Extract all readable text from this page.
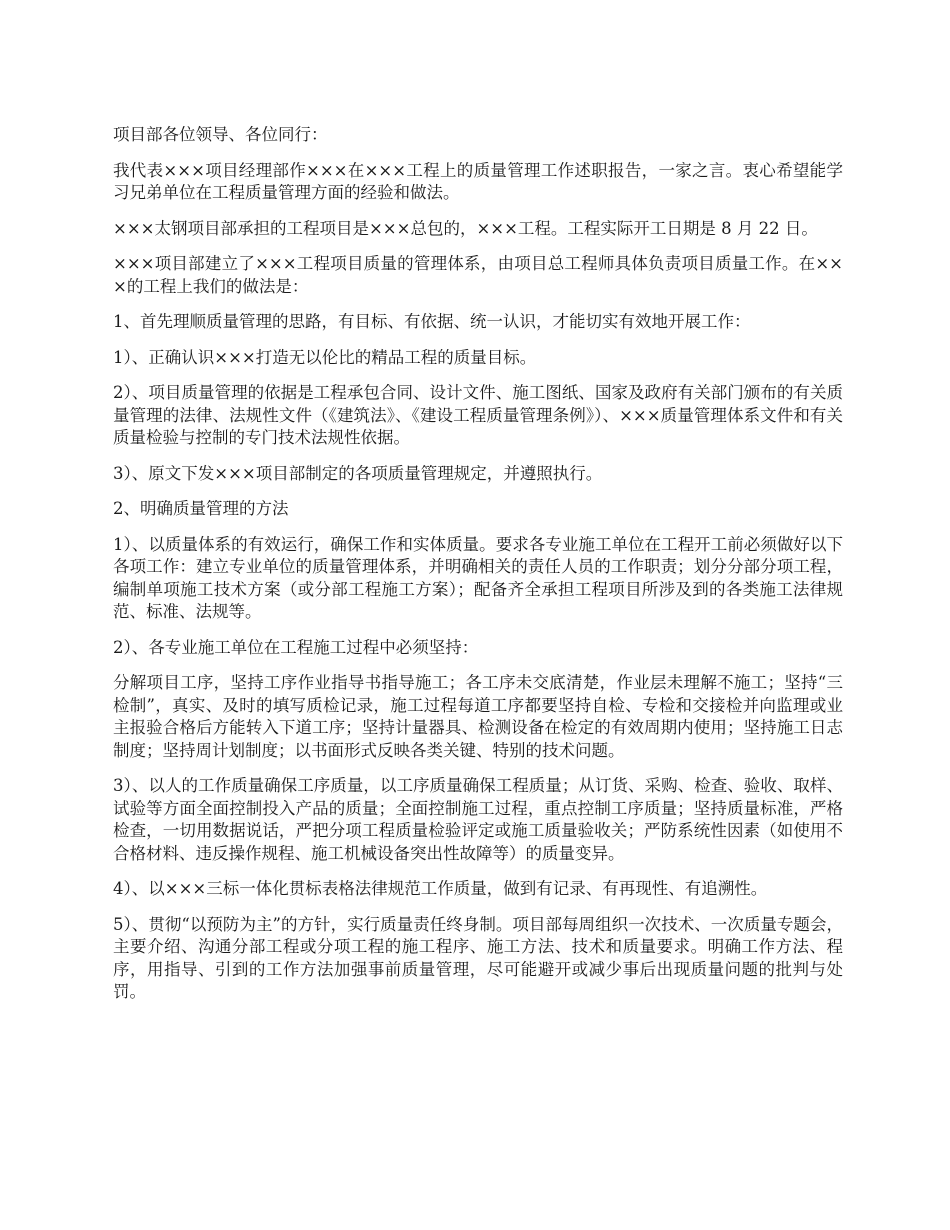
项目部各位领导、各位同行：

我代表×××项目经理部作×××在×××工程上的质量管理工作述职报告，一家之言。衷心希望能学习兄弟单位在工程质量管理方面的经验和做法。

×××太钢项目部承担的工程项目是×××总包的，×××工程。工程实际开工日期是 8 月 22 日。

×××项目部建立了×××工程项目质量的管理体系，由项目总工程师具体负责项目质量工作。在×××的工程上我们的做法是：

1、首先理顺质量管理的思路，有目标、有依据、统一认识，才能切实有效地开展工作：

1）、正确认识×××打造无以伦比的精品工程的质量目标。

2）、项目质量管理的依据是工程承包合同、设计文件、施工图纸、国家及政府有关部门颁布的有关质量管理的法律、法规性文件（《建筑法》、《建设工程质量管理条例》）、×××质量管理体系文件和有关质量检验与控制的专门技术法规性依据。

3）、原文下发×××项目部制定的各项质量管理规定，并遵照执行。

2、明确质量管理的方法

1）、以质量体系的有效运行，确保工作和实体质量。要求各专业施工单位在工程开工前必须做好以下各项工作：建立专业单位的质量管理体系，并明确相关的责任人员的工作职责；划分分部分项工程，编制单项施工技术方案（或分部工程施工方案）；配备齐全承担工程项目所涉及到的各类施工法律规范、标准、法规等。

2）、各专业施工单位在工程施工过程中必须坚持：

分解项目工序，坚持工序作业指导书指导施工；各工序未交底清楚，作业层未理解不施工；坚持“三检制”，真实、及时的填写质检记录，施工过程每道工序都要坚持自检、专检和交接检并向监理或业主报验合格后方能转入下道工序；坚持计量器具、检测设备在检定的有效周期内使用；坚持施工日志制度；坚持周计划制度；以书面形式反映各类关键、特别的技术问题。

3）、以人的工作质量确保工序质量，以工序质量确保工程质量；从订货、采购、检查、验收、取样、试验等方面全面控制投入产品的质量；全面控制施工过程，重点控制工序质量；坚持质量标准，严格检查，一切用数据说话，严把分项工程质量检验评定或施工质量验收关；严防系统性因素（如使用不合格材料、违反操作规程、施工机械设备突出性故障等）的质量变异。

4）、以×××三标一体化贯标表格法律规范工作质量，做到有记录、有再现性、有追溯性。

5）、贯彻“以预防为主”的方针，实行质量责任终身制。项目部每周组织一次技术、一次质量专题会，主要介绍、沟通分部工程或分项工程的施工程序、施工方法、技术和质量要求。明确工作方法、程序，用指导、引到的工作方法加强事前质量管理，尽可能避开或减少事后出现质量问题的批判与处罚。
